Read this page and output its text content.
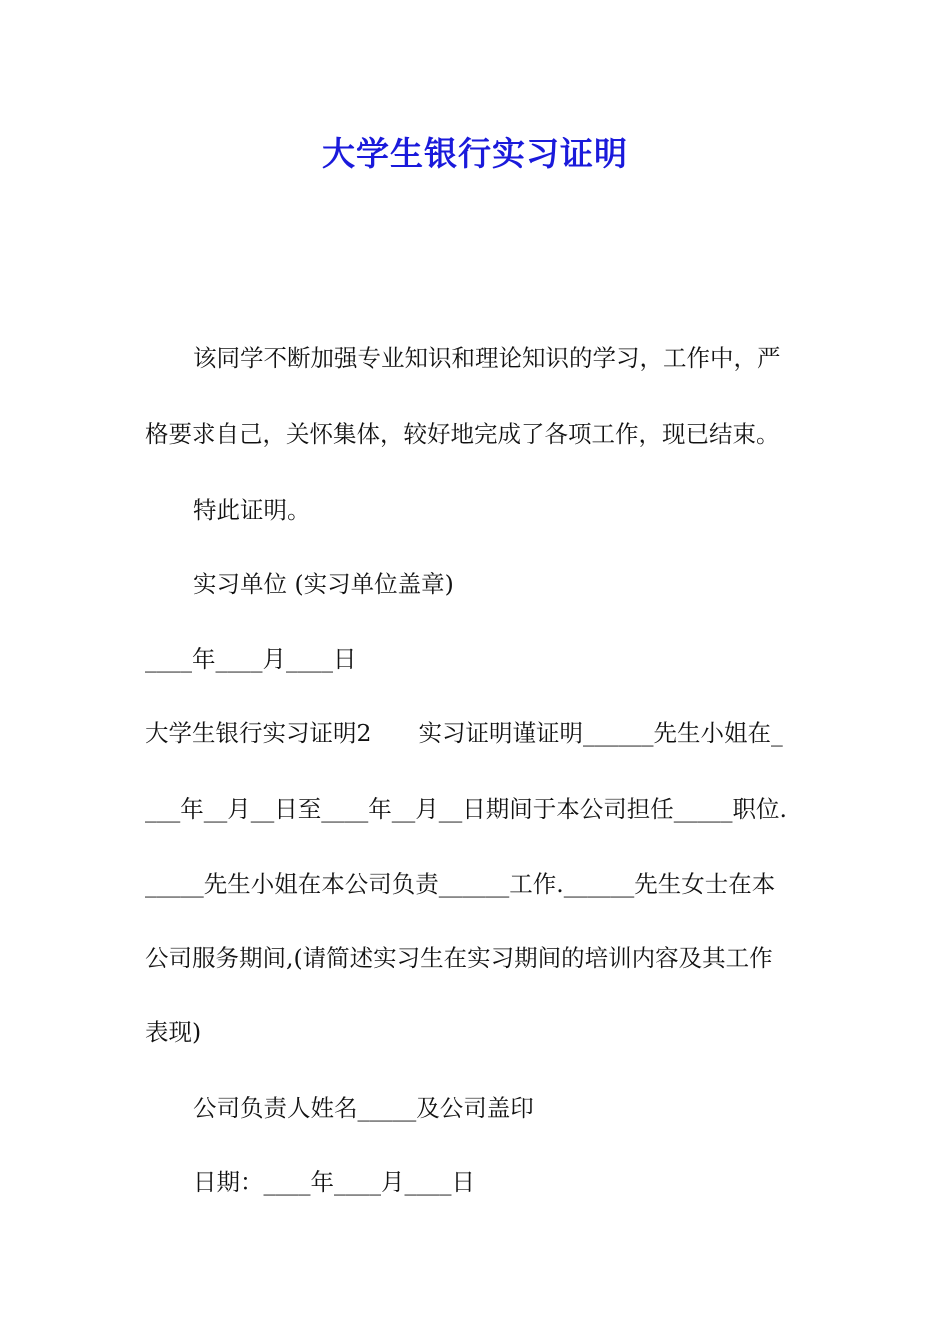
大学生银行实习证明

该同学不断加强专业知识和理论知识的学习，工作中，严

格要求自己，关怀集体，较好地完成了各项工作，现已结束。

特此证明。

实习单位 (实习单位盖章)

____年____月____日

大学生银行实习证明2　　实习证明谨证明______先生小姐在_

___年__月__日至____年__月__日期间于本公司担任_____职位.

_____先生小姐在本公司负责______工作.______先生女士在本

公司服务期间,(请简述实习生在实习期间的培训内容及其工作

表现)

公司负责人姓名_____及公司盖印

日期：____年____月____日
